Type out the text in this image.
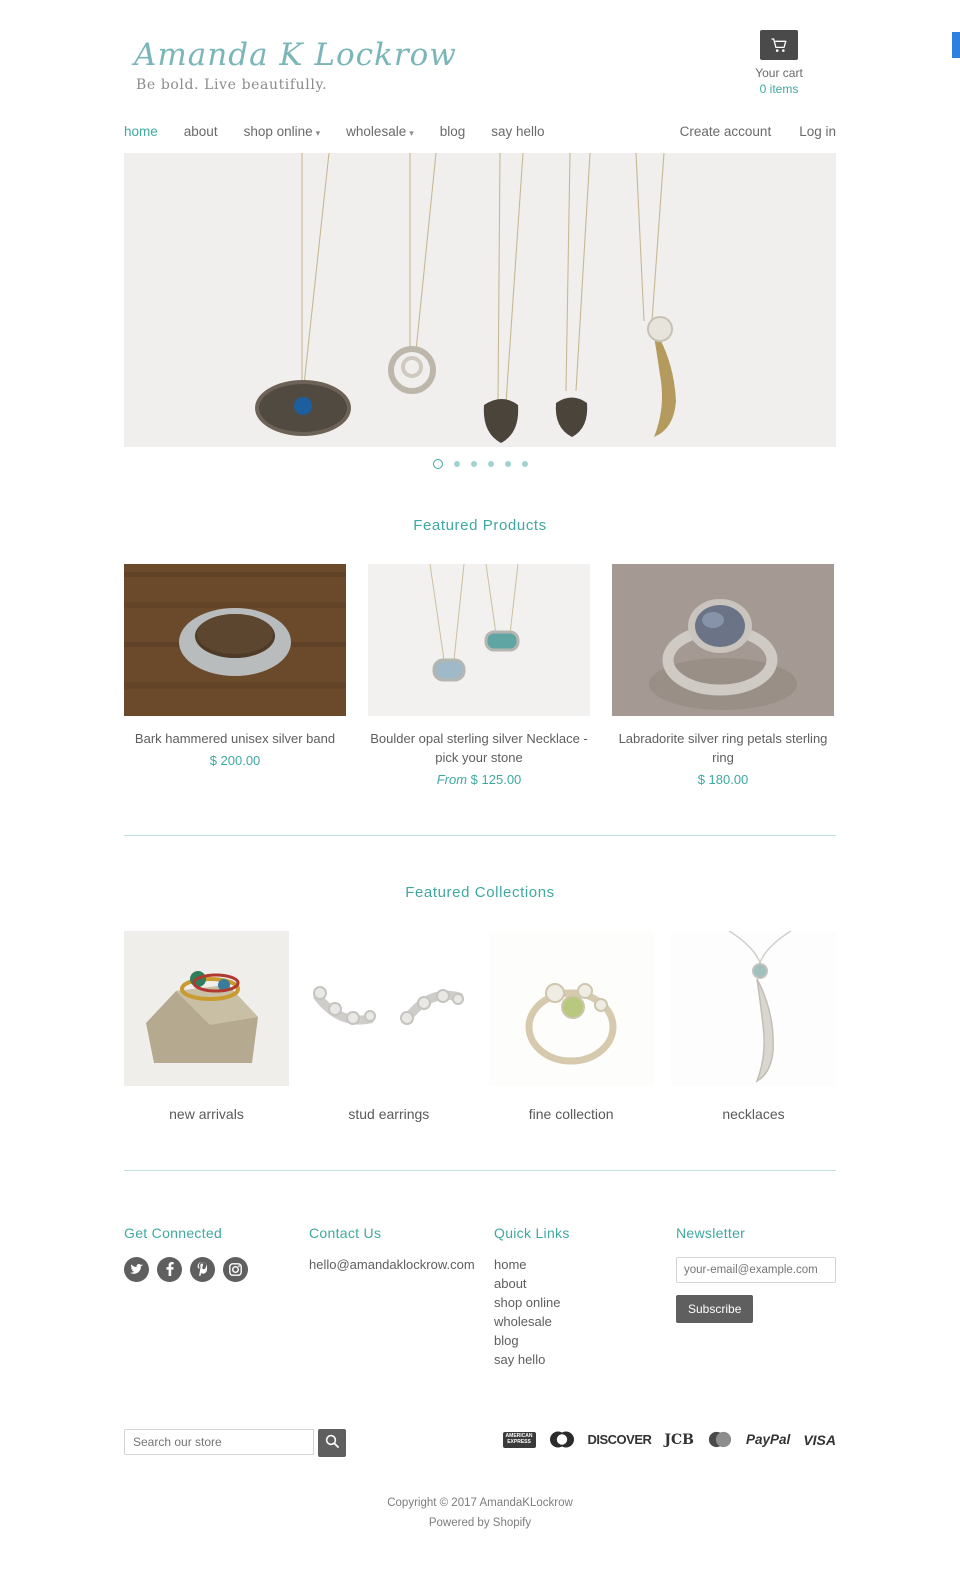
Amanda K Lockrow
Be bold. Live beautifully.
Your cart
0 items
home about shop online ▾ wholesale ▾ blog say hello	Create account Log in
Featured Products
Bark hammered unisex silver band
$ 200.00
Boulder opal sterling silver Necklace - pick your stone
From $ 125.00
Labradorite silver ring petals sterling ring
$ 180.00
Featured Collections
new arrivals	stud earrings	fine collection	necklaces
Get Connected	Contact Us
hello@amandaklockrow.com
Quick Links
home
about
shop online
wholesale
blog
say hello
Newsletter
your-email@example.com
Subscribe
Search our store
AMERICAN
EXPRESS	DISCOVER JCB	PayPal VISA
Copyright © 2017 AmandaKLockrow
Powered by Shopify
